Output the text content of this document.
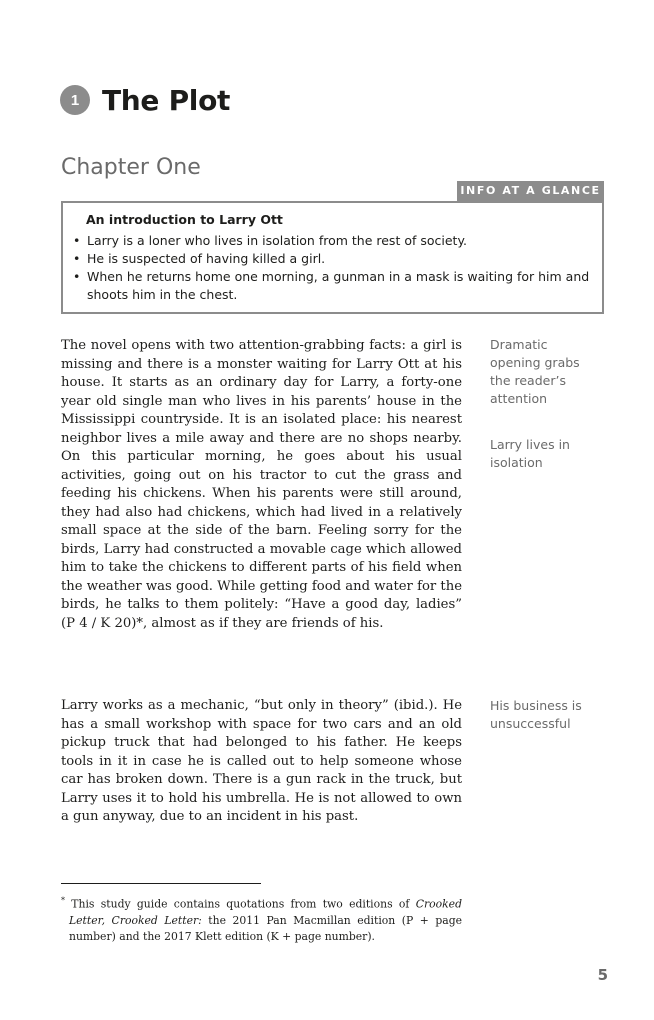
1 The Plot
Chapter One
INFO AT A GLANCE
An introduction to Larry Ott
• Larry is a loner who lives in isolation from the rest of society.
• He is suspected of having killed a girl.
• When he returns home one morning, a gunman in a mask is waiting for him and shoots him in the chest.

The novel opens with two attention-grabbing facts: a girl is missing and there is a monster waiting for Larry Ott at his house. It starts as an ordinary day for Larry, a forty-one year old single man who lives in his parents’ house in the Mississippi countryside. It is an isolated place: his nearest neighbor lives a mile away and there are no shops nearby. On this particular morning, he goes about his usual activities, going out on his tractor to cut the grass and feeding his chickens. When his parents were still around, they had also had chickens, which had lived in a relatively small space at the side of the barn. Feeling sorry for the birds, Larry had constructed a movable cage which allowed him to take the chickens to different parts of his field when the weather was good. While getting food and water for the birds, he talks to them politely: “Have a good day, ladies” (P 4 / K 20)*, almost as if they are friends of his.

Dramatic opening grabs the reader’s attention
Larry lives in isolation

Larry works as a mechanic, “but only in theory” (ibid.). He has a small workshop with space for two cars and an old pickup truck that had belonged to his father. He keeps tools in it in case he is called out to help someone whose car has broken down. There is a gun rack in the truck, but Larry uses it to hold his umbrella. He is not allowed to own a gun anyway, due to an incident in his past.

His business is unsuccessful

* This study guide contains quotations from two editions of Crooked Letter, Crooked Letter: the 2011 Pan Macmillan edition (P + page number) and the 2017 Klett edition (K + page number).

5
